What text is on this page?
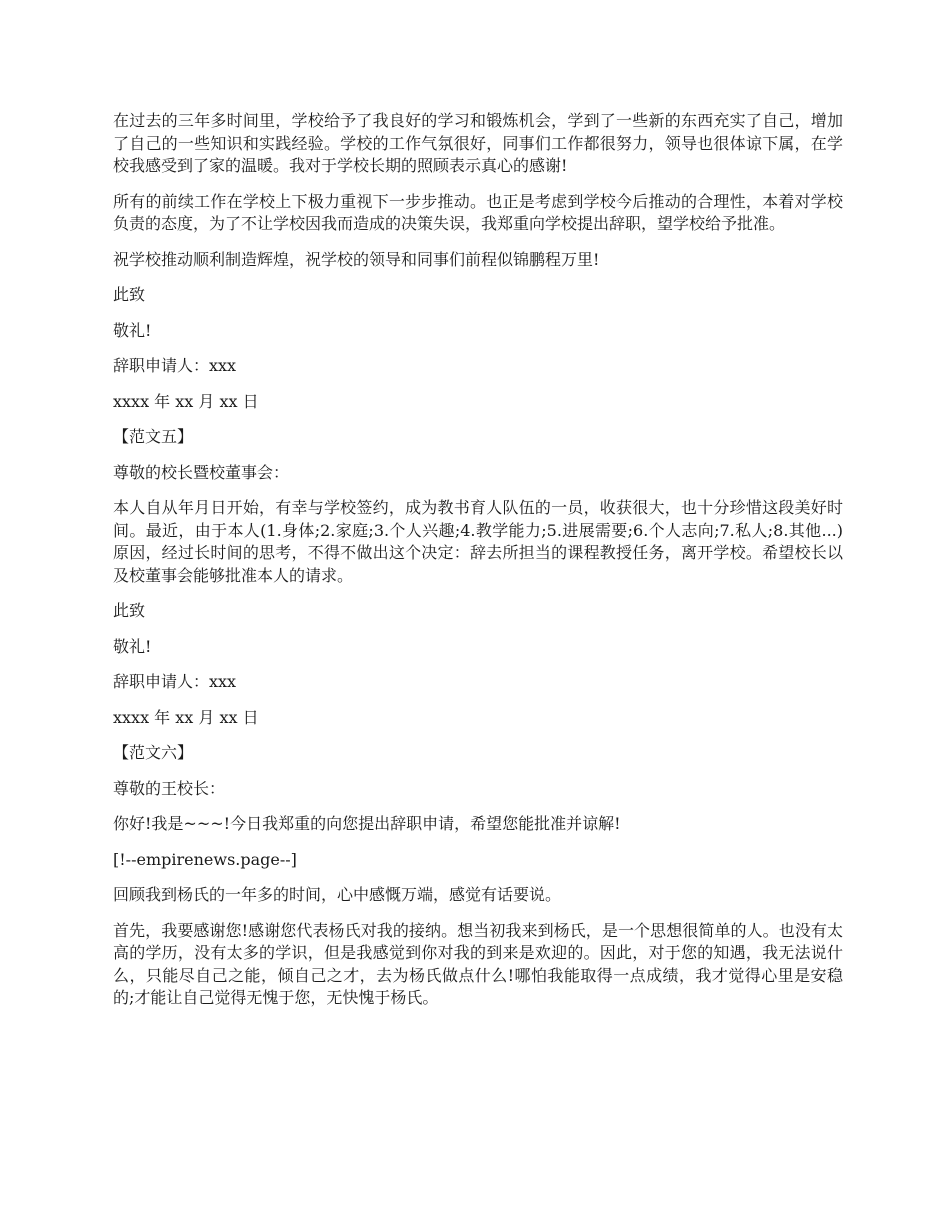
在过去的三年多时间里，学校给予了我良好的学习和锻炼机会，学到了一些新的东西充实了自己，增加了自己的一些知识和实践经验。学校的工作气氛很好，同事们工作都很努力，领导也很体谅下属，在学校我感受到了家的温暖。我对于学校长期的照顾表示真心的感谢!

所有的前续工作在学校上下极力重视下一步步推动。也正是考虑到学校今后推动的合理性，本着对学校负责的态度，为了不让学校因我而造成的决策失误，我郑重向学校提出辞职，望学校给予批准。

祝学校推动顺利制造辉煌，祝学校的领导和同事们前程似锦鹏程万里!

此致

敬礼!

辞职申请人：xxx

xxxx 年 xx 月 xx 日

【范文五】

尊敬的校长暨校董事会：

本人自从年月日开始，有幸与学校签约，成为教书育人队伍的一员，收获很大，也十分珍惜这段美好时间。最近，由于本人(1.身体;2.家庭;3.个人兴趣;4.教学能力;5.进展需要;6.个人志向;7.私人;8.其他...)原因，经过长时间的思考，不得不做出这个决定：辞去所担当的课程教授任务，离开学校。希望校长以及校董事会能够批准本人的请求。

此致

敬礼!

辞职申请人：xxx

xxxx 年 xx 月 xx 日

【范文六】

尊敬的王校长：

你好!我是~~~!今日我郑重的向您提出辞职申请，希望您能批准并谅解!

[!--empirenews.page--]

回顾我到杨氏的一年多的时间，心中感慨万端，感觉有话要说。

首先，我要感谢您!感谢您代表杨氏对我的接纳。想当初我来到杨氏，是一个思想很简单的人。也没有太高的学历，没有太多的学识，但是我感觉到你对我的到来是欢迎的。因此，对于您的知遇，我无法说什么，只能尽自己之能，倾自己之才，去为杨氏做点什么!哪怕我能取得一点成绩，我才觉得心里是安稳的;才能让自己觉得无愧于您，无快愧于杨氏。
